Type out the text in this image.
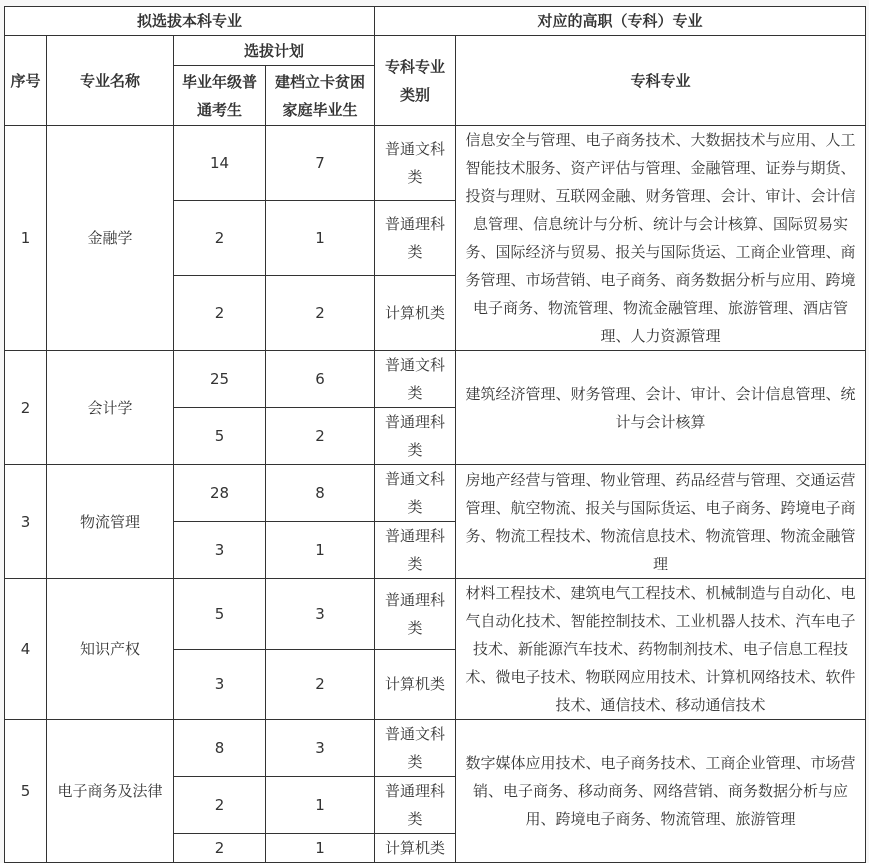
拟选拔本科专业				对应的高职（专科）专业	
序号	专业名称	选拔计划		专科专业类别	专科专业
		毕业年级普通考生	建档立卡贫困家庭毕业生		

1	金融学	14	7	普通文科类	信息安全与管理、电子商务技术、大数据技术与应用、人工智能技术服务、资产评估与管理、金融管理、证券与期货、投资与理财、互联网金融、财务管理、会计、审计、会计信息管理、信息统计与分析、统计与会计核算、国际贸易实务、国际经济与贸易、报关与国际货运、工商企业管理、商务管理、市场营销、电子商务、商务数据分析与应用、跨境电子商务、物流管理、物流金融管理、旅游管理、酒店管理、人力资源管理
		2	1	普通理科类	
		2	2	计算机类	
2	会计学	25	6	普通文科类	建筑经济管理、财务管理、会计、审计、会计信息管理、统计与会计核算
		5	2	普通理科类	
3	物流管理	28	8	普通文科类	房地产经营与管理、物业管理、药品经营与管理、交通运营管理、航空物流、报关与国际货运、电子商务、跨境电子商务、物流工程技术、物流信息技术、物流管理、物流金融管理
		3	1	普通理科类	
4	知识产权	5	3	普通理科类	材料工程技术、建筑电气工程技术、机械制造与自动化、电气自动化技术、智能控制技术、工业机器人技术、汽车电子技术、新能源汽车技术、药物制剂技术、电子信息工程技术、微电子技术、物联网应用技术、计算机网络技术、软件技术、通信技术、移动通信技术
		3	2	计算机类	
5	电子商务及法律	8	3	普通文科类	数字媒体应用技术、电子商务技术、工商企业管理、市场营销、电子商务、移动商务、网络营销、商务数据分析与应用、跨境电子商务、物流管理、旅游管理
		2	1	普通理科类	
		2	1	计算机类	
